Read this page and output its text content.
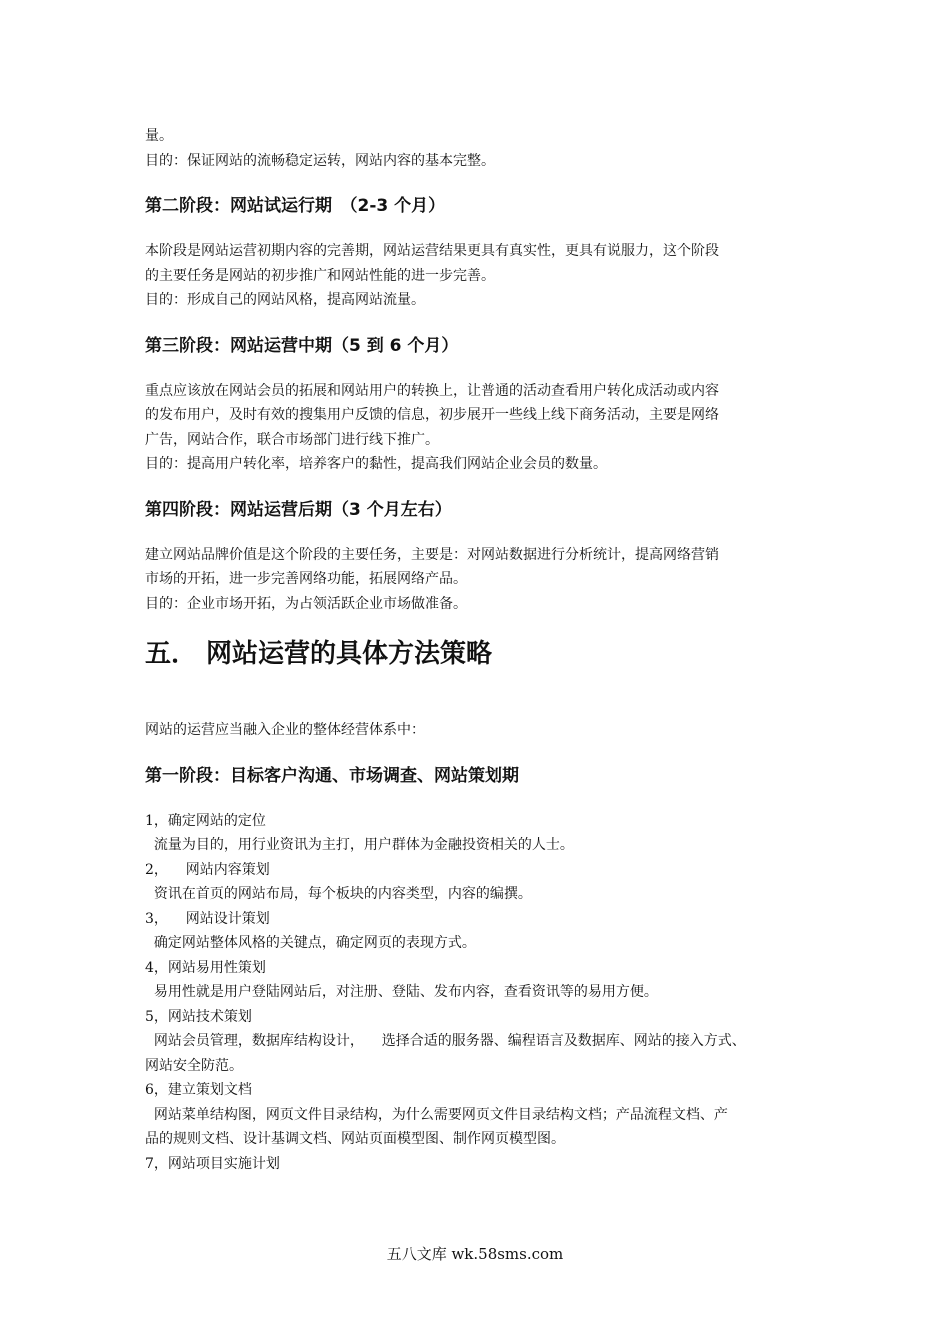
量。
目的：保证网站的流畅稳定运转，网站内容的基本完整。
第二阶段：网站试运行期　（2-3 个月）
本阶段是网站运营初期内容的完善期，网站运营结果更具有真实性，更具有说服力，这个阶段
的主要任务是网站的初步推广和网站性能的进一步完善。
目的：形成自己的网站风格，提高网站流量。
第三阶段：网站运营中期（5 到 6 个月）
重点应该放在网站会员的拓展和网站用户的转换上，让普通的活动查看用户转化成活动或内容
的发布用户，及时有效的搜集用户反馈的信息，初步展开一些线上线下商务活动，主要是网络
广告，网站合作，联合市场部门进行线下推广。
目的：提高用户转化率，培养客户的黏性，提高我们网站企业会员的数量。
第四阶段：网站运营后期（3 个月左右）
建立网站品牌价值是这个阶段的主要任务，主要是：对网站数据进行分析统计，提高网络营销
市场的开拓，进一步完善网络功能，拓展网络产品。
目的：企业市场开拓，为占领活跃企业市场做准备。
五． 网站运营的具体方法策略
网站的运营应当融入企业的整体经营体系中：
第一阶段：目标客户沟通、市场调查、网站策划期
1，确定网站的定位
流量为目的，用行业资讯为主打，用户群体为金融投资相关的人士。
2，    网站内容策划
资讯在首页的网站布局，每个板块的内容类型，内容的编撰。
3，    网站设计策划
确定网站整体风格的关键点，确定网页的表现方式。
4，网站易用性策划
易用性就是用户登陆网站后，对注册、登陆、发布内容，查看资讯等的易用方便。
5，网站技术策划
网站会员管理，数据库结构设计，    选择合适的服务器、编程语言及数据库、网站的接入方式、
网站安全防范。
6，建立策划文档
网站菜单结构图，网页文件目录结构，为什么需要网页文件目录结构文档；产品流程文档、产
品的规则文档、设计基调文档、网站页面模型图、制作网页模型图。
7，网站项目实施计划
五八文库 wk.58sms.com
